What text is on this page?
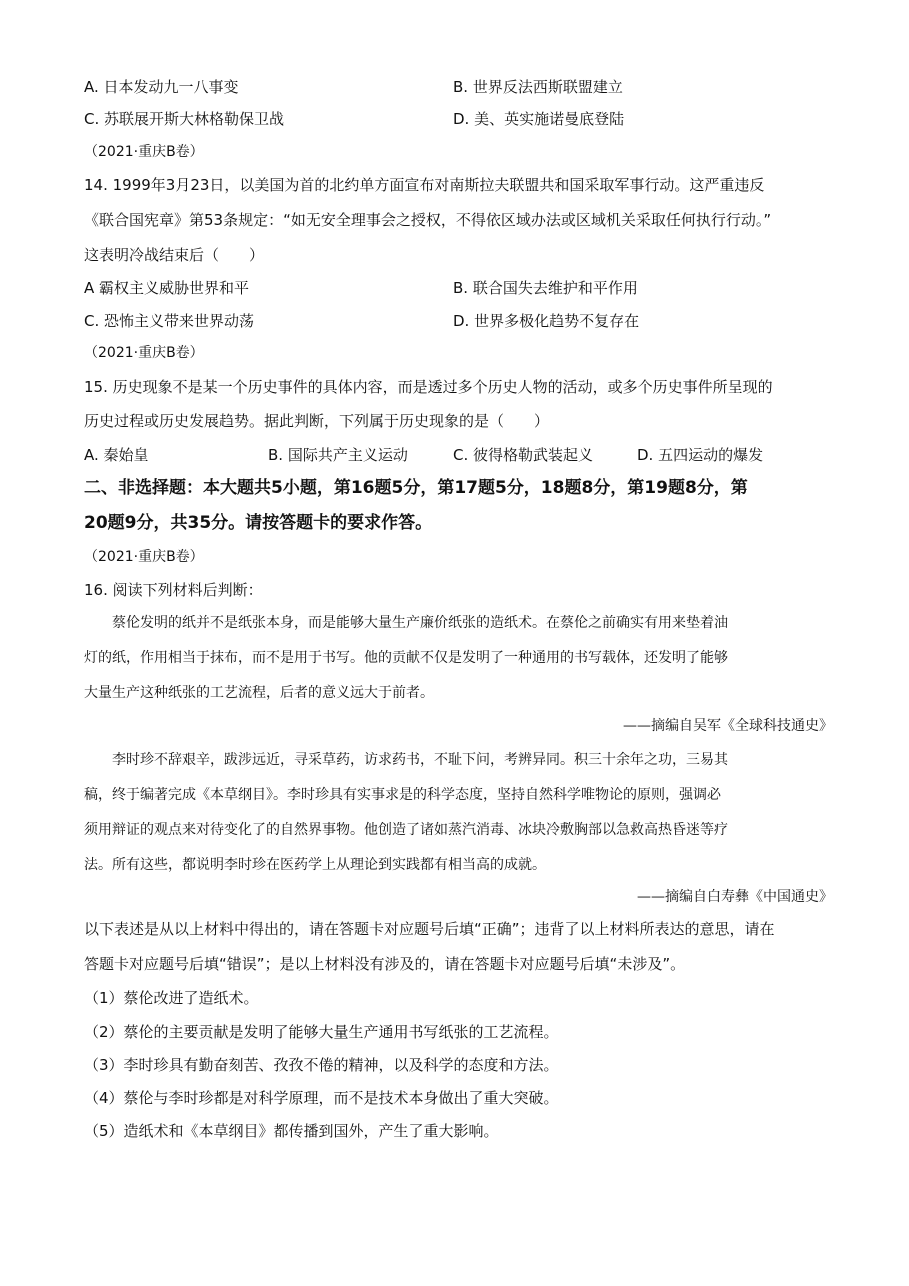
A. 日本发动九一八事变	B. 世界反法西斯联盟建立
C. 苏联展开斯大林格勒保卫战	D. 美、英实施诺曼底登陆
（2021·重庆B卷）
14. 1999年3月23日，以美国为首的北约单方面宣布对南斯拉夫联盟共和国采取军事行动。这严重违反
《联合国宪章》第53条规定：“如无安全理事会之授权，不得依区域办法或区域机关采取任何执行行动。”
这表明冷战结束后（　　）
A 霸权主义威胁世界和平	B. 联合国失去维护和平作用
C. 恐怖主义带来世界动荡	D. 世界多极化趋势不复存在
（2021·重庆B卷）
15. 历史现象不是某一个历史事件的具体内容，而是透过多个历史人物的活动，或多个历史事件所呈现的
历史过程或历史发展趋势。据此判断，下列属于历史现象的是（　　）
A. 秦始皇	B. 国际共产主义运动	C. 彼得格勒武装起义	D. 五四运动的爆发
二、非选择题：本大题共5小题，第16题5分，第17题5分，18题8分，第19题8分，第
20题9分，共35分。请按答题卡的要求作答。
（2021·重庆B卷）
16. 阅读下列材料后判断：
　　蔡伦发明的纸并不是纸张本身，而是能够大量生产廉价纸张的造纸术。在蔡伦之前确实有用来垫着油
灯的纸，作用相当于抹布，而不是用于书写。他的贡献不仅是发明了一种通用的书写载体，还发明了能够
大量生产这种纸张的工艺流程，后者的意义远大于前者。
——摘编自吴军《全球科技通史》
　　李时珍不辞艰辛，跋涉远近，寻采草药，访求药书，不耻下问，考辨异同。积三十余年之功，三易其
稿，终于编著完成《本草纲目》。李时珍具有实事求是的科学态度，坚持自然科学唯物论的原则，强调必
须用辩证的观点来对待变化了的自然界事物。他创造了诸如蒸汽消毒、冰块冷敷胸部以急救高热昏迷等疗
法。所有这些，都说明李时珍在医药学上从理论到实践都有相当高的成就。
——摘编自白寿彝《中国通史》
以下表述是从以上材料中得出的，请在答题卡对应题号后填“正确”；违背了以上材料所表达的意思，请在
答题卡对应题号后填“错误”；是以上材料没有涉及的，请在答题卡对应题号后填“未涉及”。
（1）蔡伦改进了造纸术。
（2）蔡伦的主要贡献是发明了能够大量生产通用书写纸张的工艺流程。
（3）李时珍具有勤奋刻苦、孜孜不倦的精神，以及科学的态度和方法。
（4）蔡伦与李时珍都是对科学原理，而不是技术本身做出了重大突破。
（5）造纸术和《本草纲目》都传播到国外，产生了重大影响。
